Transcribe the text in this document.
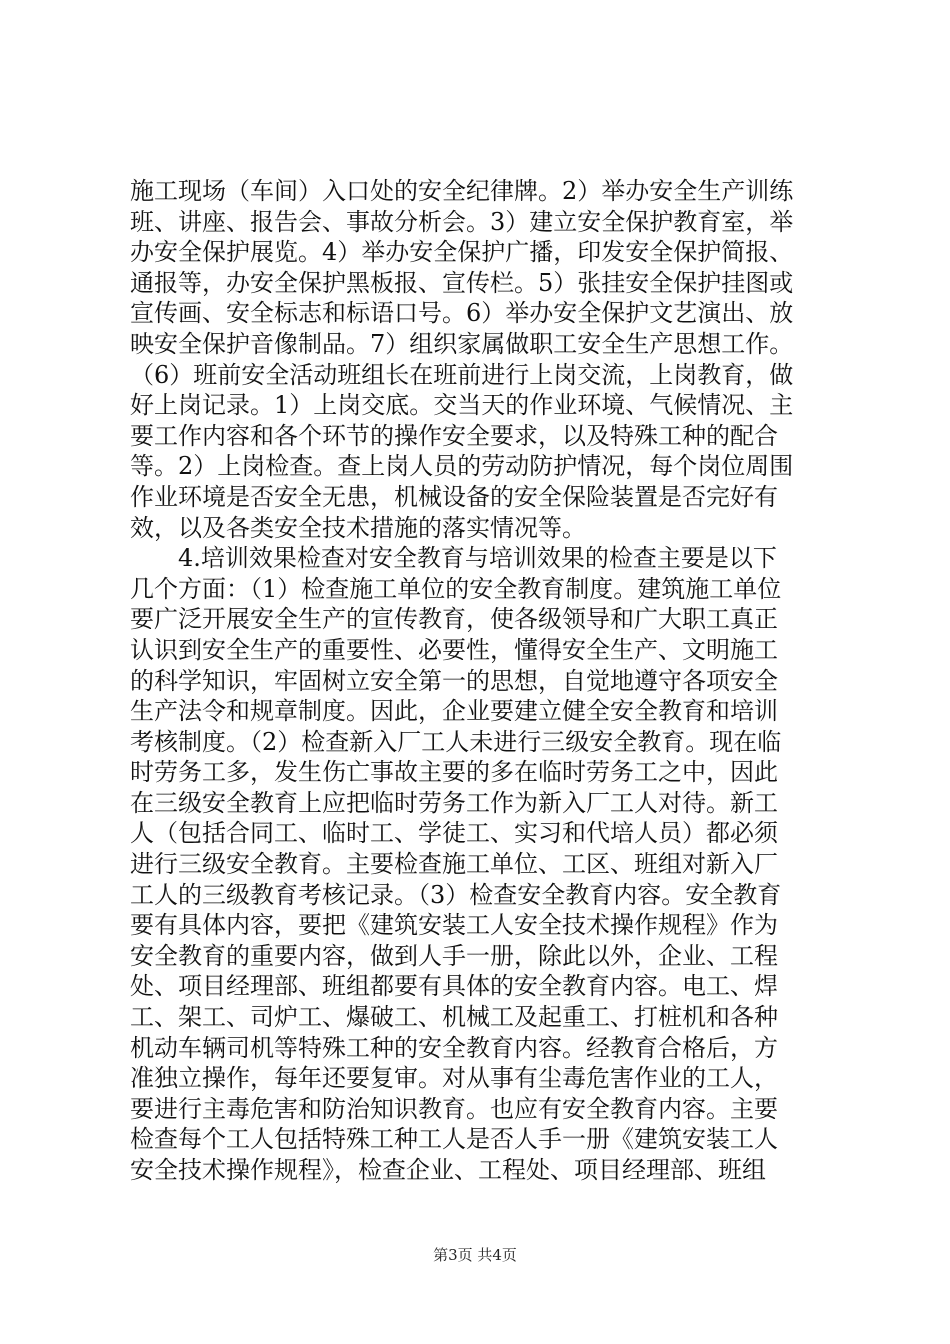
施工现场（车间）入口处的安全纪律牌。2）举办安全生产训练
班、讲座、报告会、事故分析会。3）建立安全保护教育室，举
办安全保护展览。4）举办安全保护广播，印发安全保护简报、
通报等，办安全保护黑板报、宣传栏。5）张挂安全保护挂图或
宣传画、安全标志和标语口号。6）举办安全保护文艺演出、放
映安全保护音像制品。7）组织家属做职工安全生产思想工作。
（6）班前安全活动班组长在班前进行上岗交流，上岗教育，做
好上岗记录。1）上岗交底。交当天的作业环境、气候情况、主
要工作内容和各个环节的操作安全要求，以及特殊工种的配合
等。2）上岗检查。查上岗人员的劳动防护情况，每个岗位周围
作业环境是否安全无患，机械设备的安全保险装置是否完好有
效，以及各类安全技术措施的落实情况等。
4.培训效果检查对安全教育与培训效果的检查主要是以下
几个方面：（1）检查施工单位的安全教育制度。建筑施工单位
要广泛开展安全生产的宣传教育，使各级领导和广大职工真正
认识到安全生产的重要性、必要性，懂得安全生产、文明施工
的科学知识，牢固树立安全第一的思想，自觉地遵守各项安全
生产法令和规章制度。因此，企业要建立健全安全教育和培训
考核制度。（2）检查新入厂工人未进行三级安全教育。现在临
时劳务工多，发生伤亡事故主要的多在临时劳务工之中，因此
在三级安全教育上应把临时劳务工作为新入厂工人对待。新工
人（包括合同工、临时工、学徒工、实习和代培人员）都必须
进行三级安全教育。主要检查施工单位、工区、班组对新入厂
工人的三级教育考核记录。（3）检查安全教育内容。安全教育
要有具体内容，要把《建筑安装工人安全技术操作规程》作为
安全教育的重要内容，做到人手一册，除此以外，企业、工程
处、项目经理部、班组都要有具体的安全教育内容。电工、焊
工、架工、司炉工、爆破工、机械工及起重工、打桩机和各种
机动车辆司机等特殊工种的安全教育内容。经教育合格后，方
准独立操作，每年还要复审。对从事有尘毒危害作业的工人，
要进行主毒危害和防治知识教育。也应有安全教育内容。主要
检查每个工人包括特殊工种工人是否人手一册《建筑安装工人
安全技术操作规程》，检查企业、工程处、项目经理部、班组
第3页 共4页
